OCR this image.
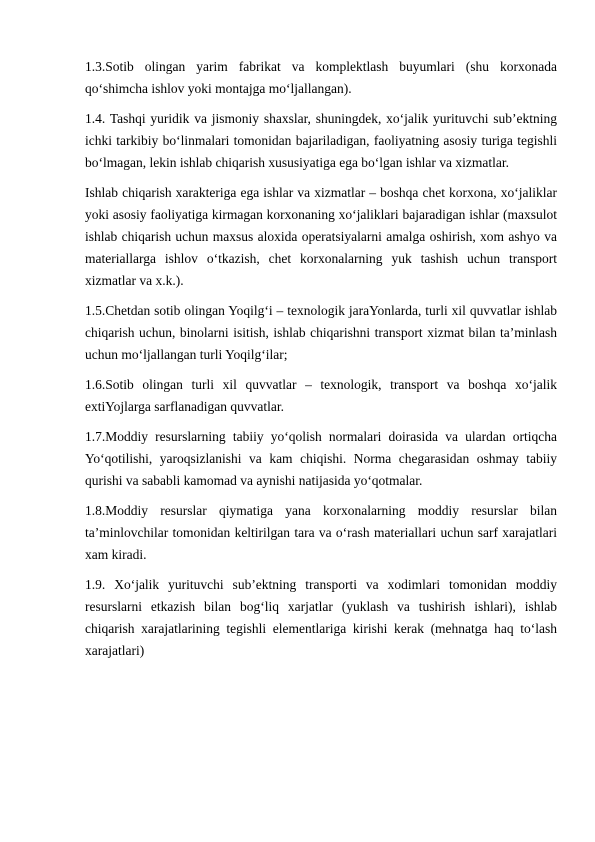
1.3.Sotib olingan yarim fabrikat va komplektlash buyumlari (shu korxonada qo‘shimcha ishlov yoki montajga mo‘ljallangan).

1.4. Tashqi yuridik va jismoniy shaxslar, shuningdek, xo‘jalik yurituvchi sub’ektning ichki tarkibiy bo‘linmalari tomonidan bajariladigan, faoliyatning asosiy turiga tegishli bo‘lmagan, lekin ishlab chiqarish xususiyatiga ega bo‘lgan ishlar va xizmatlar.

Ishlab chiqarish xarakteriga ega ishlar va xizmatlar – boshqa chet korxona, xo‘jaliklar yoki asosiy faoliyatiga kirmagan korxonaning xo‘jaliklari bajaradigan ishlar (maxsulot ishlab chiqarish uchun maxsus aloxida operatsiyalarni amalga oshirish, xom ashyo va materiallarga ishlov o‘tkazish, chet korxonalarning yuk tashish uchun transport xizmatlar va x.k.).

1.5.Chetdan sotib olingan Yoqilg‘i – texnologik jaraYonlarda, turli xil quvvatlar ishlab chiqarish uchun, binolarni isitish, ishlab chiqarishni transport xizmat bilan ta’minlash uchun mo‘ljallangan turli Yoqilg‘ilar;

1.6.Sotib olingan turli xil quvvatlar – texnologik, transport va boshqa xo‘jalik extiYojlarga sarflanadigan quvvatlar.

1.7.Moddiy resurslarning tabiiy yo‘qolish normalari doirasida va ulardan ortiqcha Yo‘qotilishi, yaroqsizlanishi va kam chiqishi. Norma chegarasidan oshmay tabiiy qurishi va sababli kamomad va aynishi natijasida yo‘qotmalar.

1.8.Moddiy resurslar qiymatiga yana korxonalarning moddiy resurslar bilan ta’minlovchilar tomonidan keltirilgan tara va o‘rash materiallari uchun sarf xarajatlari xam kiradi.

1.9. Xo‘jalik yurituvchi sub’ektning transporti va xodimlari tomonidan moddiy resurslarni etkazish bilan bog‘liq xarjatlar (yuklash va tushirish ishlari), ishlab chiqarish xarajatlarining tegishli elementlariga kirishi kerak (mehnatga haq to‘lash xarajatlari)
